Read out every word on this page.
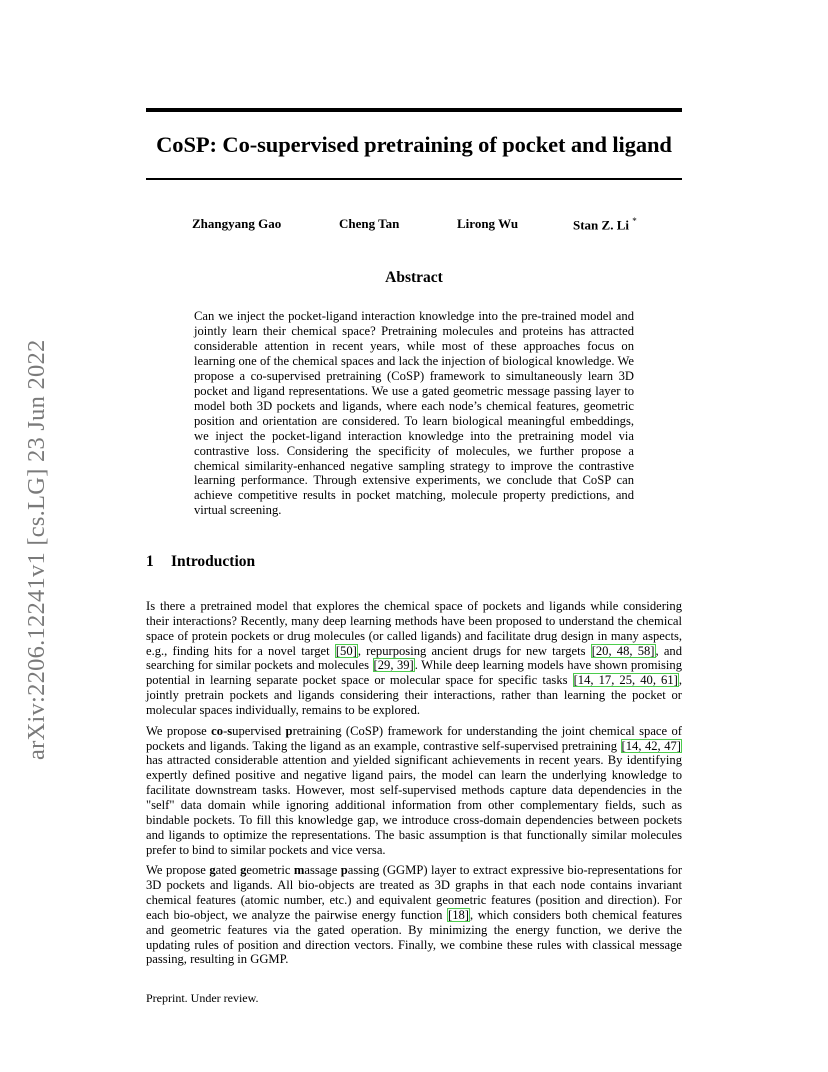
arXiv:2206.12241v1 [cs.LG] 23 Jun 2022
CoSP: Co-supervised pretraining of pocket and ligand
Zhangyang Gao	Cheng Tan	Lirong Wu	Stan Z. Li *
Abstract
Can we inject the pocket-ligand interaction knowledge into the pre-trained model and jointly learn their chemical space? Pretraining molecules and proteins has attracted considerable attention in recent years, while most of these approaches focus on learning one of the chemical spaces and lack the injection of biological knowledge. We propose a co-supervised pretraining (CoSP) framework to simultaneously learn 3D pocket and ligand representations. We use a gated geometric message passing layer to model both 3D pockets and ligands, where each node’s chemical features, geometric position and orientation are considered. To learn biological meaningful embeddings, we inject the pocket-ligand interaction knowledge into the pretraining model via contrastive loss. Considering the specificity of molecules, we further propose a chemical similarity-enhanced negative sampling strategy to improve the contrastive learning performance. Through extensive experiments, we conclude that CoSP can achieve competitive results in pocket matching, molecule property predictions, and virtual screening.
1 Introduction

Is there a pretrained model that explores the chemical space of pockets and ligands while considering their interactions? Recently, many deep learning methods have been proposed to understand the chemical space of protein pockets or drug molecules (or called ligands) and facilitate drug design in many aspects, e.g., finding hits for a novel target [50], repurposing ancient drugs for new targets [20, 48, 58], and searching for similar pockets and molecules [29, 39]. While deep learning models have shown promising potential in learning separate pocket space or molecular space for specific tasks [14, 17, 25, 40, 61], jointly pretrain pockets and ligands considering their interactions, rather than learning the pocket or molecular spaces individually, remains to be explored.

We propose co-supervised pretraining (CoSP) framework for understanding the joint chemical space of pockets and ligands. Taking the ligand as an example, contrastive self-supervised pretraining [14, 42, 47] has attracted considerable attention and yielded significant achievements in recent years. By identifying expertly defined positive and negative ligand pairs, the model can learn the underlying knowledge to facilitate downstream tasks. However, most self-supervised methods capture data dependencies in the "self" data domain while ignoring additional information from other complementary fields, such as bindable pockets. To fill this knowledge gap, we introduce cross-domain dependencies between pockets and ligands to optimize the representations. The basic assumption is that functionally similar molecules prefer to bind to similar pockets and vice versa.

We propose gated geometric massage passing (GGMP) layer to extract expressive bio-representations for 3D pockets and ligands. All bio-objects are treated as 3D graphs in that each node contains invariant chemical features (atomic number, etc.) and equivalent geometric features (position and direction). For each bio-object, we analyze the pairwise energy function [18], which considers both chemical features and geometric features via the gated operation. By minimizing the energy function, we derive the updating rules of position and direction vectors. Finally, we combine these rules with classical message passing, resulting in GGMP.

Preprint. Under review.
